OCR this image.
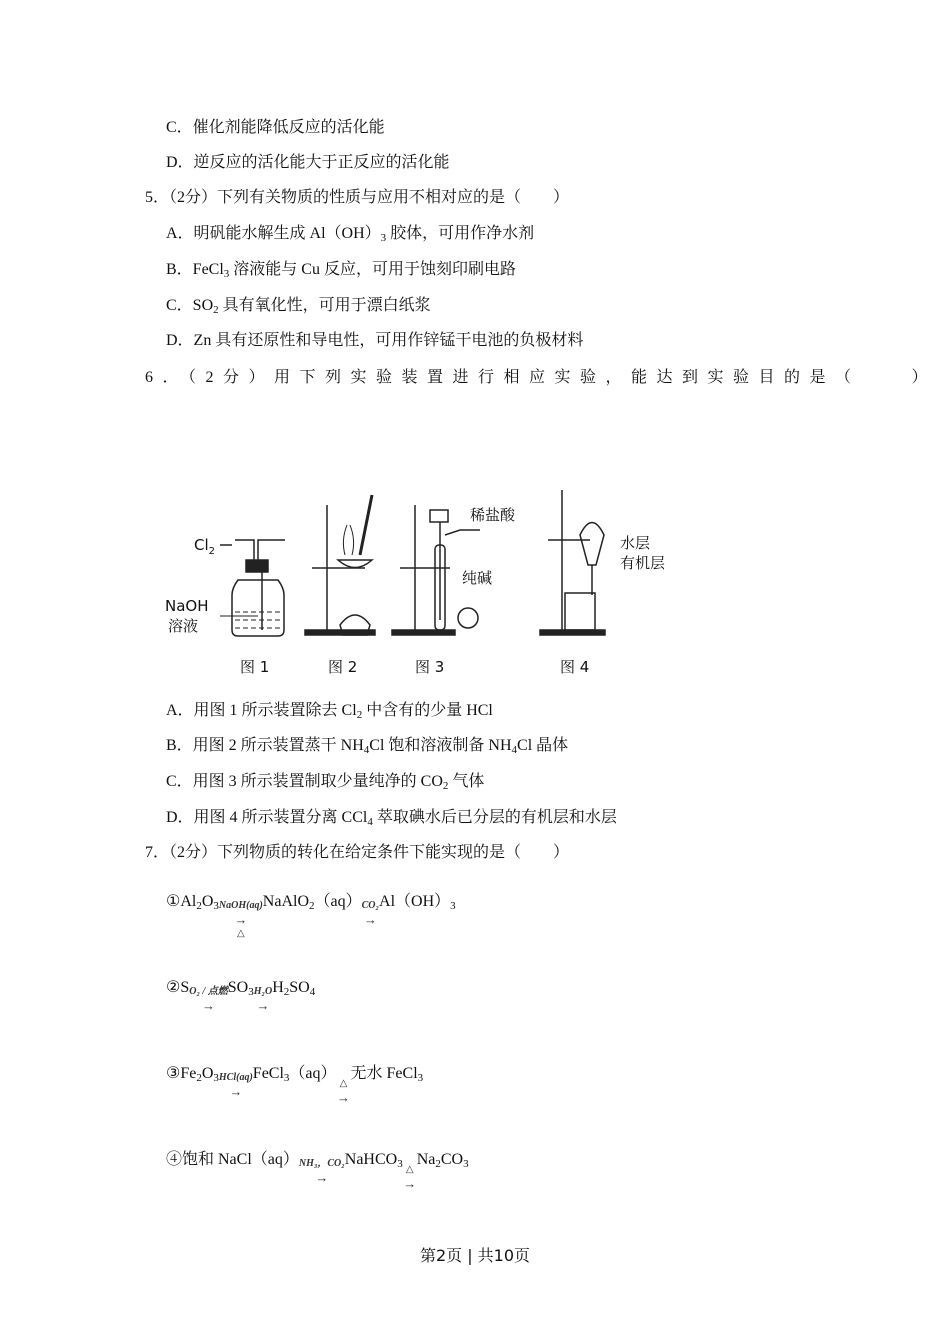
C．催化剂能降低反应的活化能
D．逆反应的活化能大于正反应的活化能
5．（2分）下列有关物质的性质与应用不相对应的是（　　）
A．明矾能水解生成 $Al(OH)_3$ 胶体，可用作净水剂
B．FeCl$_3$ 溶液能与 Cu 反应，可用于蚀刻印刷电路
C．$SO_2$ 具有氧化性，可用于漂白纸浆
D．Zn 具有还原性和导电性，可用作锌锰干电池的负极材料
6．（2分）用下列实验装置进行相应实验，能达到实验目的是（　　）
$Cl_2$
NaOH
溶液
稀盐酸
纯碱
水层
有机层
图 1	图 2	图 3	图 4
A．用图 1 所示装置除去 $Cl_2$ 中含有的少量 HCl
B．用图 2 所示装置蒸干 $NH_4Cl$ 饱和溶液制备 $NH_4Cl$ 晶体
C．用图 3 所示装置制取少量纯净的 $CO_2$ 气体
D．用图 4 所示装置分离 CCl$_4$ 萃取碘水后已分层的有机层和水层
7．（2分）下列物质的转化在给定条件下能实现的是（　　）
$①Al_2O_3NaOH(aq)$
→
△
NaAlO$_2$（aq）CO₂
→
$Al(OH)_3$
②SO₂ / 点燃
→
$SO_3H_2O$
→
$H_2SO_4$
$③Fe_2O_3HCl(aq)$
→
FeCl$_3$（aq）
△
→
无水 FeCl$_3$
④饱和 NaCl（aq）NH₃，CO₂
→
NaHCO$_3$ △
→
$Na_2CO_3$
第2页 | 共10页
